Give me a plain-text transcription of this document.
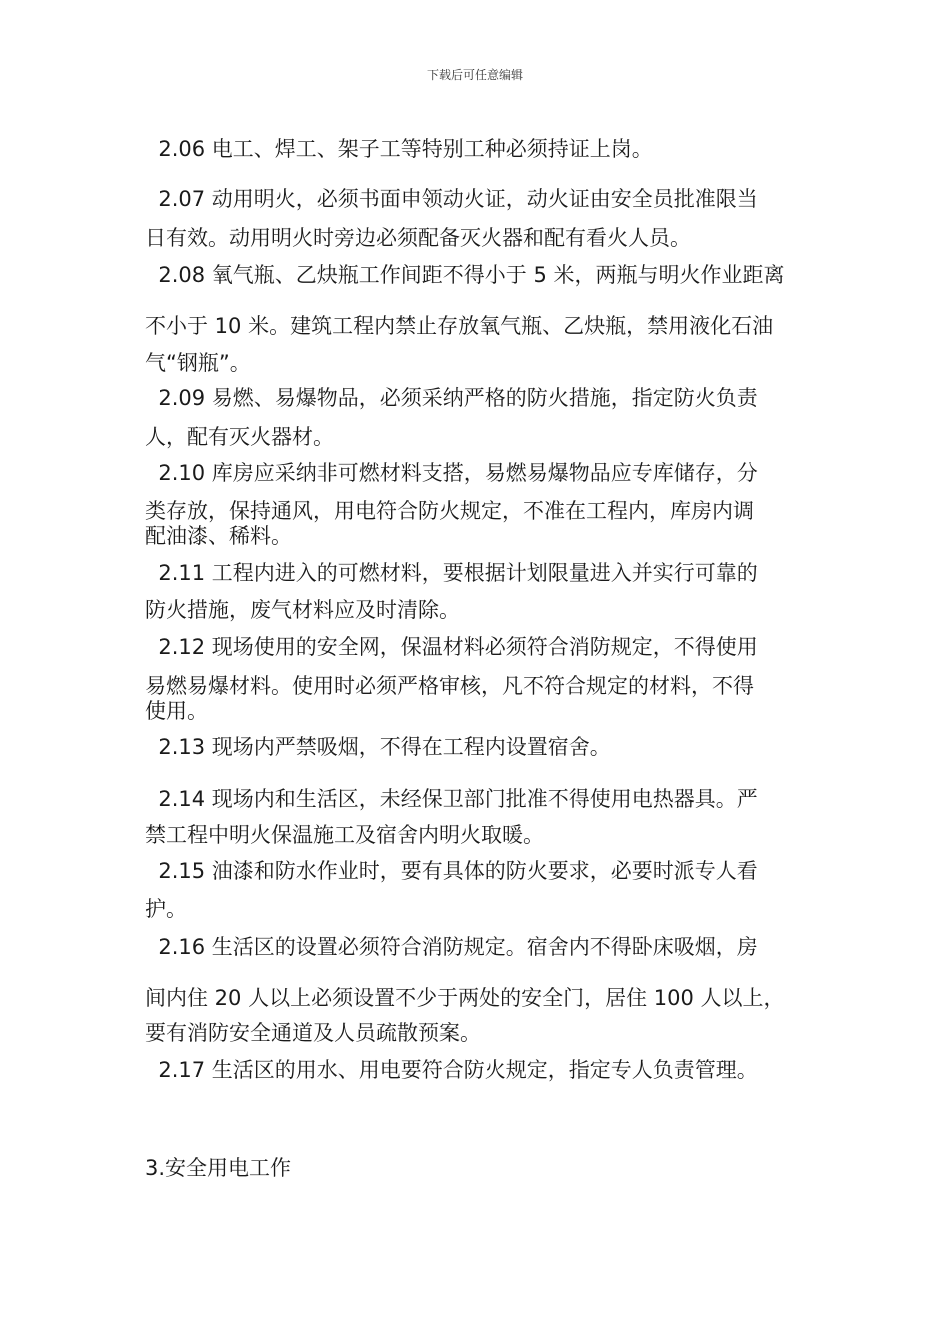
下载后可任意编辑
2.06 电工、焊工、架子工等特别工种必须持证上岗。
2.07 动用明火，必须书面申领动火证，动火证由安全员批准限当
日有效。动用明火时旁边必须配备灭火器和配有看火人员。
2.08 氧气瓶、乙炔瓶工作间距不得小于 5 米，两瓶与明火作业距离
不小于 10 米。建筑工程内禁止存放氧气瓶、乙炔瓶，禁用液化石油
气“钢瓶”。
2.09 易燃、易爆物品，必须采纳严格的防火措施，指定防火负责
人，配有灭火器材。
2.10 库房应采纳非可燃材料支搭，易燃易爆物品应专库储存，分
类存放，保持通风，用电符合防火规定，不准在工程内，库房内调
配油漆、稀料。
2.11 工程内进入的可燃材料，要根据计划限量进入并实行可靠的
防火措施，废气材料应及时清除。
2.12 现场使用的安全网，保温材料必须符合消防规定，不得使用
易燃易爆材料。使用时必须严格审核，凡不符合规定的材料，不得
使用。
2.13 现场内严禁吸烟，不得在工程内设置宿舍。
2.14 现场内和生活区，未经保卫部门批准不得使用电热器具。严
禁工程中明火保温施工及宿舍内明火取暖。
2.15 油漆和防水作业时，要有具体的防火要求，必要时派专人看
护。
2.16 生活区的设置必须符合消防规定。宿舍内不得卧床吸烟，房
间内住 20 人以上必须设置不少于两处的安全门，居住 100 人以上，
要有消防安全通道及人员疏散预案。
2.17 生活区的用水、用电要符合防火规定，指定专人负责管理。
3.安全用电工作
